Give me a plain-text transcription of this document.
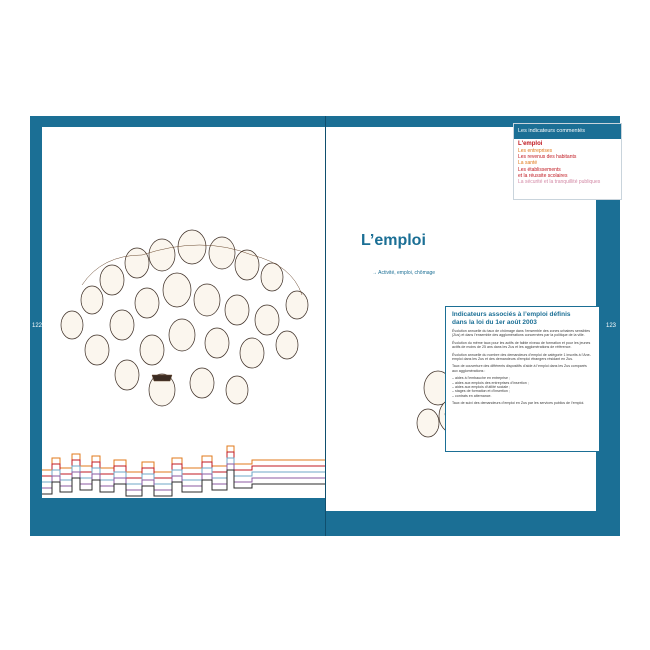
122	123
Les indicateurs commentés
L'emploi
Les entreprises
Les revenus des habitants
La santé
Les établissements
et la réussite scolaires
La sécurité et la tranquillité publiques
L’emploi
→ Activité, emploi, chômage
Indicateurs associés à l’emploi définis
dans la loi du 1er août 2003

Évolution annuelle du taux de chômage dans l’ensemble des zones urbaines sensibles (Zus) et dans l’ensemble des agglomérations concernées par la politique de la ville.

Évolution du même taux pour les actifs de faible niveau de formation et pour les jeunes actifs de moins de 25 ans dans les Zus et les agglomérations de référence.

Évolution annuelle du nombre des demandeurs d’emploi de catégorie 1 inscrits à l’Ane-emploi dans les Zus et des demandeurs d’emploi étrangers résidant en Zus.

Taux de couverture des différents dispositifs d’aide à l’emploi dans les Zus comparés aux agglomérations :

– aides à l’embauche en entreprise ;
– aides aux emplois des entreprises d’insertion ;
– aides aux emplois d’utilité sociale ;
– stages de formation et d’insertion ;
– contrats en alternance.

Taux de suivi des demandeurs d’emploi en Zus par les services publics de l’emploi.
